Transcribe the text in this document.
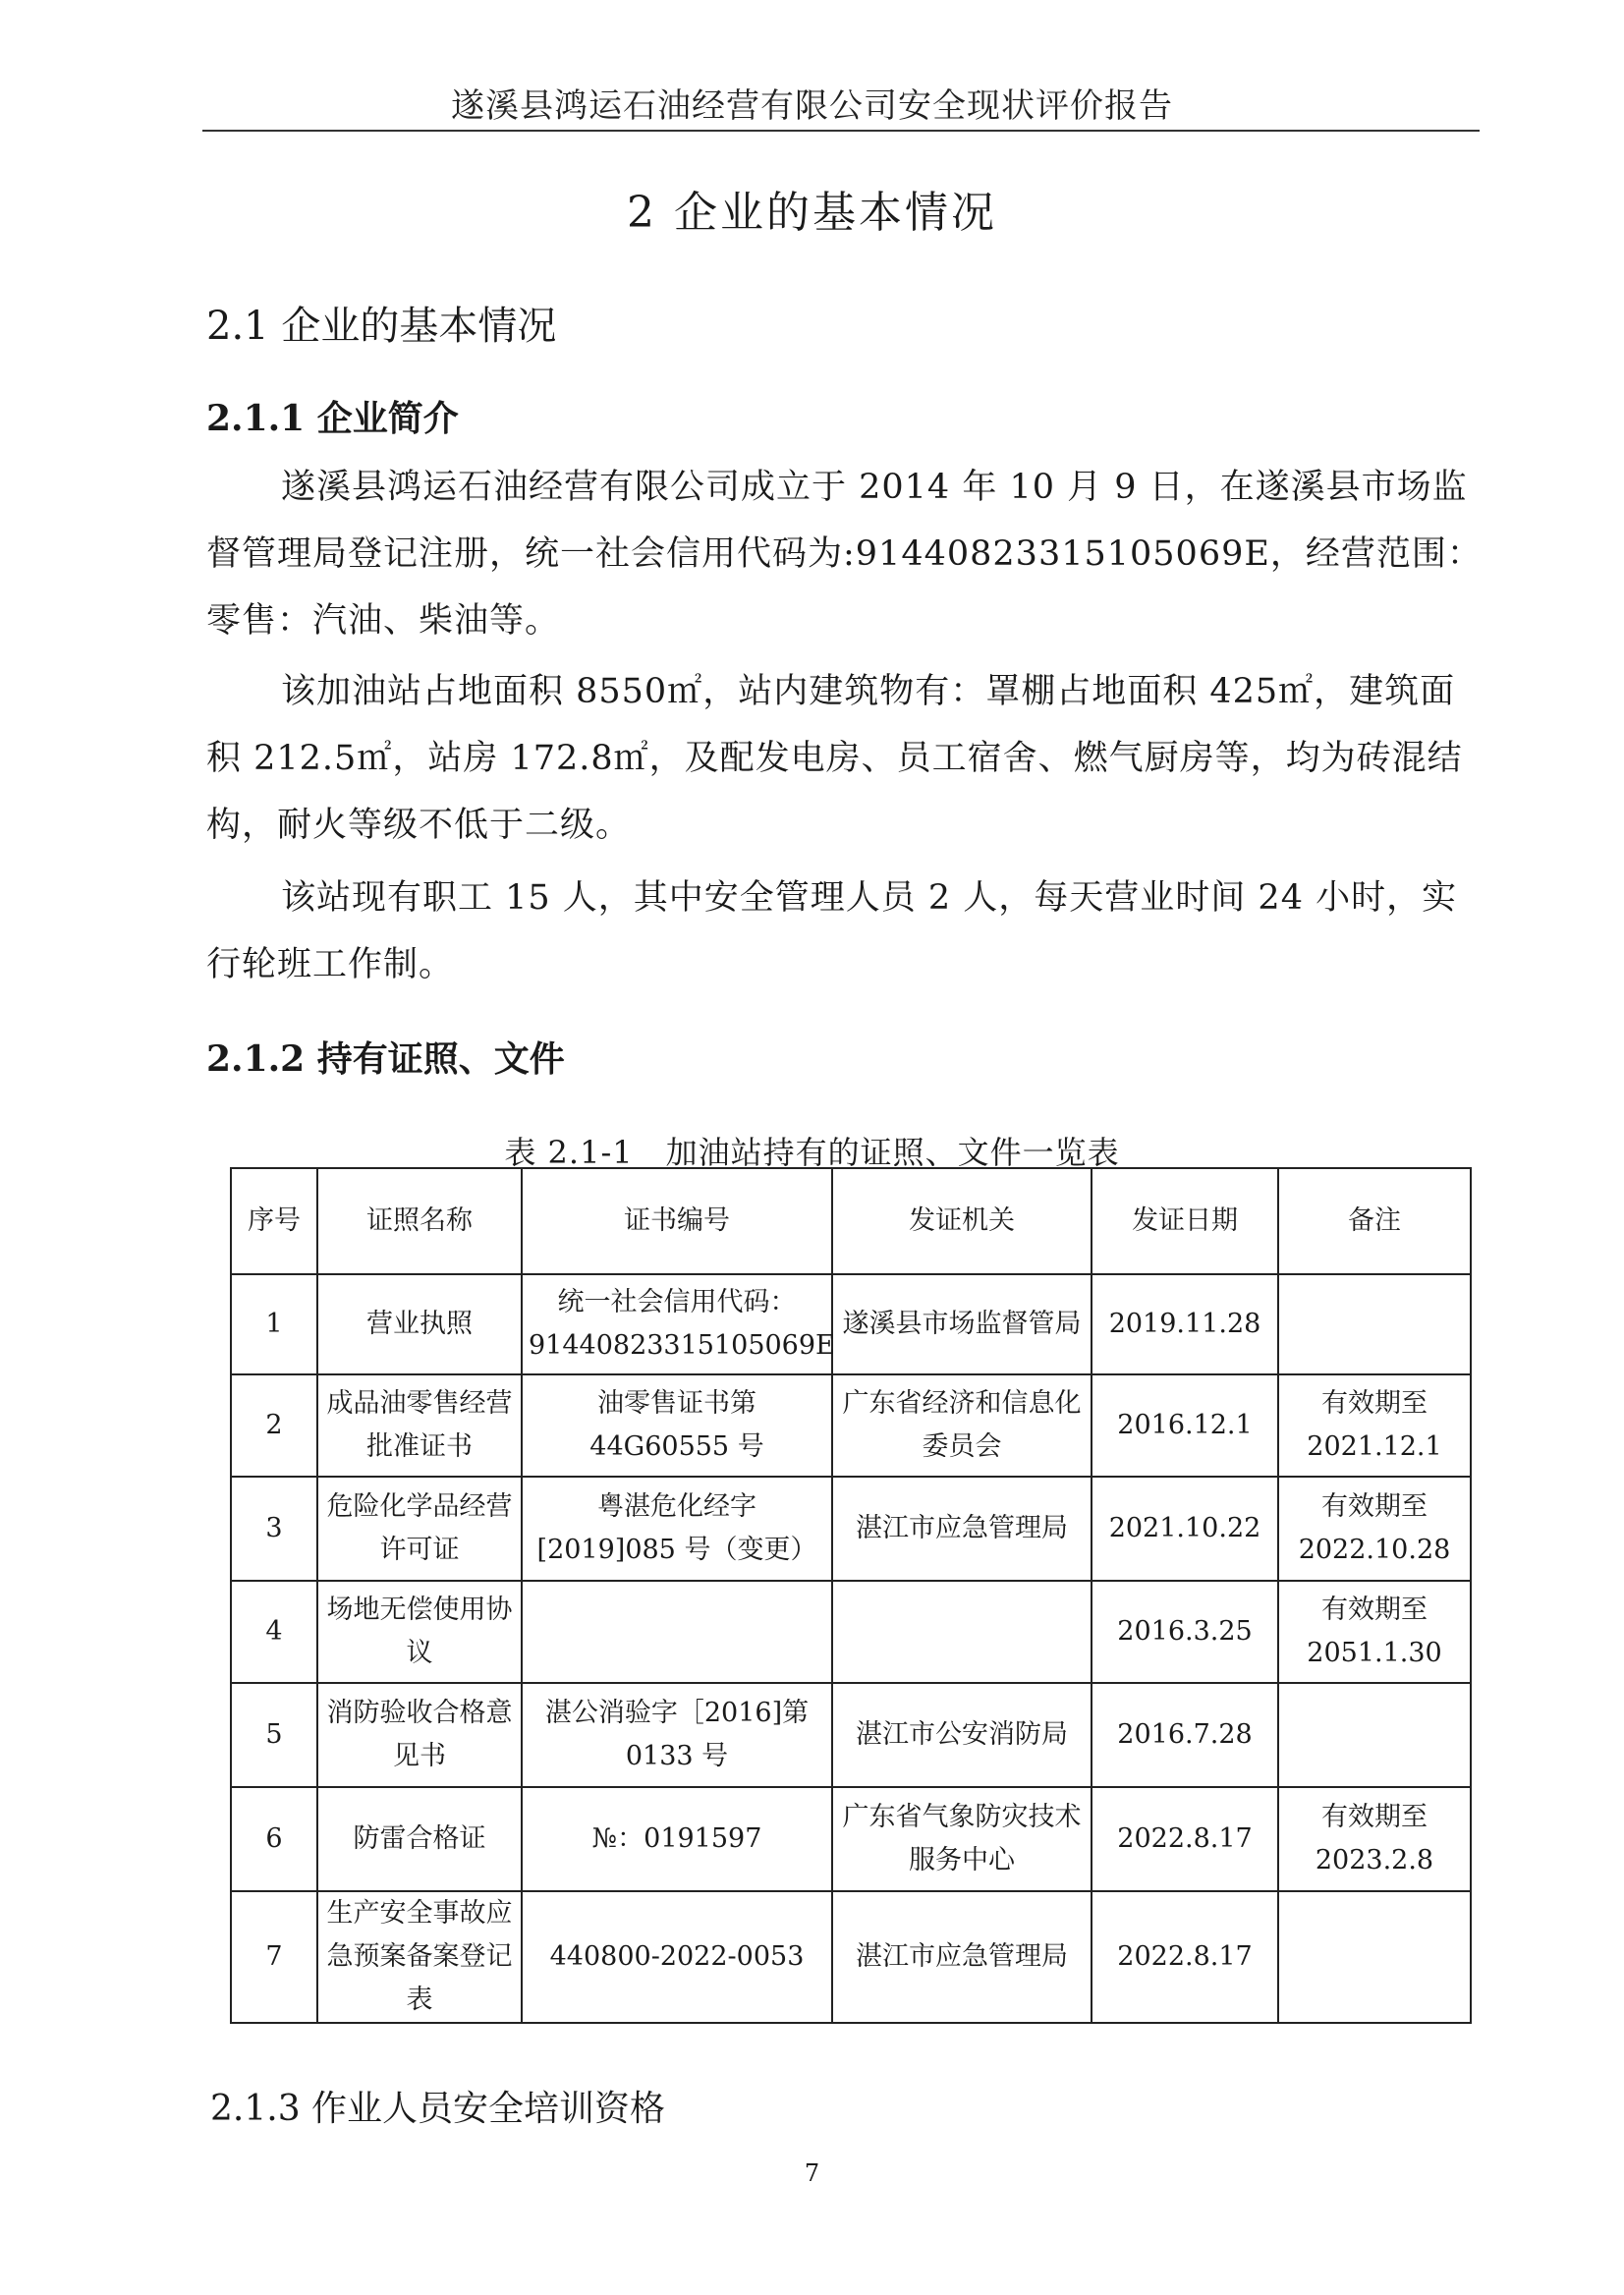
遂溪县鸿运石油经营有限公司安全现状评价报告
2 企业的基本情况
2.1 企业的基本情况
2.1.1 企业简介

遂溪县鸿运石油经营有限公司成立于 2014 年 10 月 9 日，在遂溪县市场监督管理局登记注册，统一社会信用代码为:91440823315105069E，经营范围：零售：汽油、柴油等。

该加油站占地面积 8550㎡，站内建筑物有：罩棚占地面积 425㎡，建筑面积 212.5㎡，站房 172.8㎡，及配发电房、员工宿舍、燃气厨房等，均为砖混结构，耐火等级不低于二级。

该站现有职工 15 人，其中安全管理人员 2 人，每天营业时间 24 小时，实行轮班工作制。

2.1.2 持有证照、文件
表 2.1-1　加油站持有的证照、文件一览表
序号	证照名称	证书编号	发证机关	发证日期	备注
1	营业执照	统一社会信用代码：91440823315105069E	遂溪县市场监督管局	2019.11.28	
2	成品油零售经营批准证书	油零售证书第44G60555 号	广东省经济和信息化委员会	2016.12.1	有效期至2021.12.1
3	危险化学品经营许可证	粤湛危化经字[2019]085 号（变更）	湛江市应急管理局	2021.10.22	有效期至2022.10.28
4	场地无偿使用协议			2016.3.25	有效期至2051.1.30
5	消防验收合格意见书	湛公消验字［2016]第0133 号	湛江市公安消防局	2016.7.28	
6	防雷合格证	№：0191597	广东省气象防灾技术服务中心	2022.8.17	有效期至2023.2.8
7	生产安全事故应急预案备案登记表	440800-2022-0053	湛江市应急管理局	2022.8.17	
2.1.3 作业人员安全培训资格
7
